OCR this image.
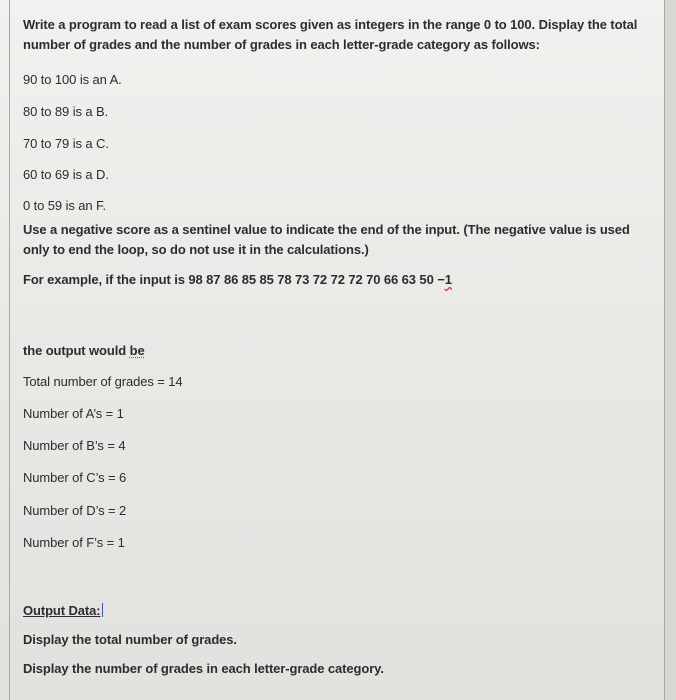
Write a program to read a list of exam scores given as integers in the range 0 to 100. Display the total
number of grades and the number of grades in each letter-grade category as follows:
90 to 100 is an A.
80 to 89 is a B.
70 to 79 is a C.
60 to 69 is a D.
0 to 59 is an F.
Use a negative score as a sentinel value to indicate the end of the input. (The negative value is used
only to end the loop, so do not use it in the calculations.)
For example, if the input is 98 87 86 85 85 78 73 72 72 72 70 66 63 50 −1
the output would be
Total number of grades = 14
Number of A’s = 1
Number of B’s = 4
Number of C’s = 6
Number of D’s = 2
Number of F’s = 1
Output Data:
Display the total number of grades.
Display the number of grades in each letter-grade category.
